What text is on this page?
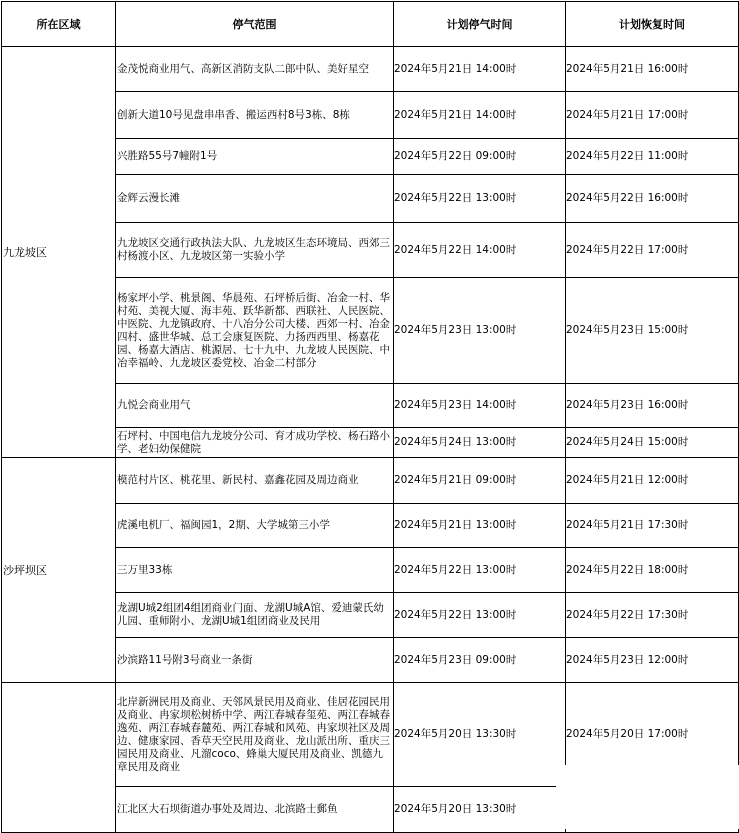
所在区域	停气范围	计划停气时间	计划恢复时间
九龙坡区	金茂悦商业用气、高新区消防支队二郎中队、美好星空	2024年5月21日 14:00时	2024年5月21日 16:00时
	创新大道10号见盘串串香、搬运西村8号3栋、8栋	2024年5月21日 14:00时	2024年5月21日 17:00时
	兴胜路55号7幢附1号	2024年5月22日 09:00时	2024年5月22日 11:00时
	金辉云漫长滩	2024年5月22日 13:00时	2024年5月22日 16:00时
	九龙坡区交通行政执法大队、九龙坡区生态环境局、西郊三村杨渡小区、九龙坡区第一实验小学	2024年5月22日 14:00时	2024年5月22日 17:00时
	杨家坪小学、桃景阁、华晨苑、石坪桥后街、冶金一村、华村苑、美视大厦、海丰苑、跃华新都、西联社、人民医院、中医院、九龙镇政府、十八冶分公司大楼、西郊一村、冶金四村、盛世华城、总工会康复医院、力扬西西里、杨嘉花园、杨嘉大酒店、桃源居、七十九中、九龙坡人民医院、中冶幸福岭、九龙坡区委党校、冶金二村部分	2024年5月23日 13:00时	2024年5月23日 15:00时
	九悦会商业用气	2024年5月23日 14:00时	2024年5月23日 16:00时
	石坪村、中国电信九龙坡分公司、育才成功学校、杨石路小学、老妇幼保健院	2024年5月24日 13:00时	2024年5月24日 15:00时
沙坪坝区	模范村片区、桃花里、新民村、嘉鑫花园及周边商业	2024年5月21日 09:00时	2024年5月21日 12:00时
	虎溪电机厂、福闽园1，2期、大学城第三小学	2024年5月21日 13:00时	2024年5月21日 17:30时
	三万里33栋	2024年5月22日 13:00时	2024年5月22日 18:00时
	龙湖U城2组团4组团商业门面、龙湖U城A馆、爱迪蒙氏幼儿园、重师附小、龙湖U城1组团商业及民用	2024年5月22日 13:00时	2024年5月22日 17:30时
	沙滨路11号附3号商业一条街	2024年5月23日 09:00时	2024年5月23日 12:00时
	北岸新洲民用及商业、天邻风景民用及商业、佳居花园民用及商业、冉家坝松树桥中学、两江春城春玺苑、两江春城春逸苑、两江春城春麓苑、两江春城和风苑、冉家坝社区及周边、健康家园、香草天空民用及商业、龙山派出所、重庆三园民用及商业、凡溜coco、蜂巢大厦民用及商业、凯德九章民用及商业	2024年5月20日 13:30时	2024年5月20日 17:00时
	江北区大石坝街道办事处及周边、北滨路士郵鱼	2024年5月20日 13:30时	
